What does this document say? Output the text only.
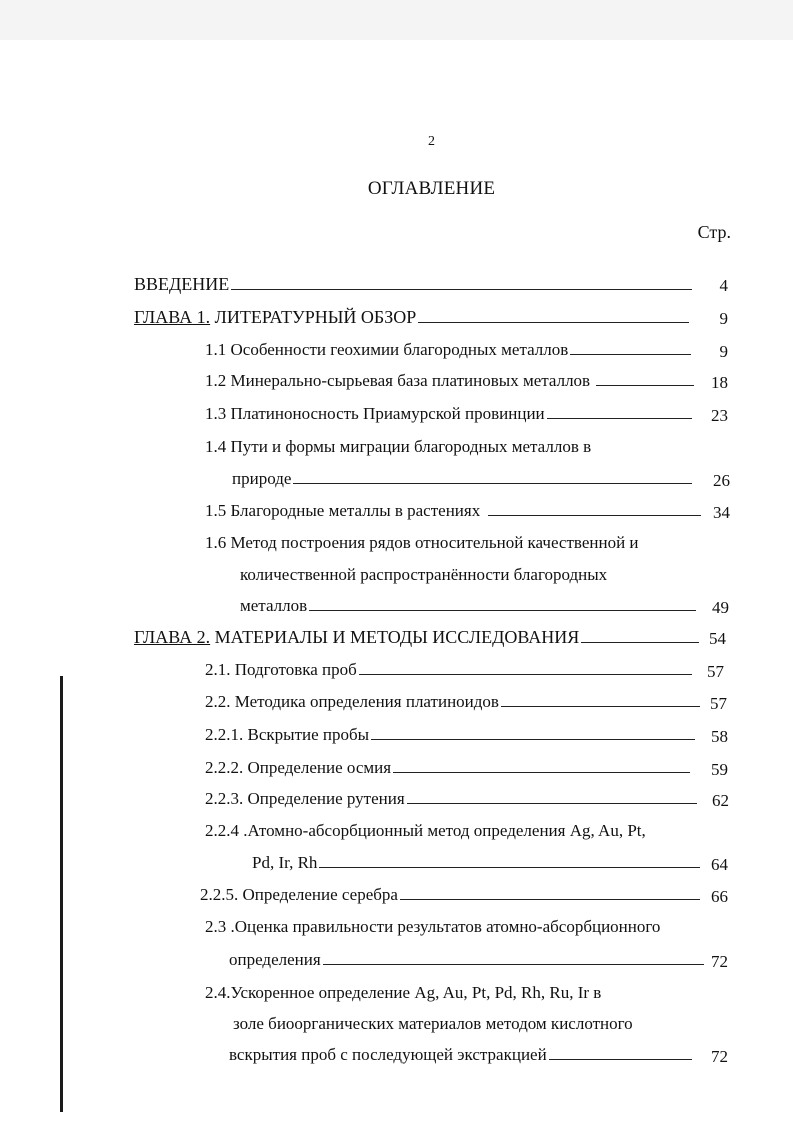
2
ОГЛАВЛЕНИЕ
Стр.
ВВЕДЕНИЕ	4
ГЛАВА 1. ЛИТЕРАТУРНЫЙ ОБЗОР	9
1.1 Особенности геохимии благородных металлов	9
1.2 Минерально-сырьевая база платиновых металлов	18
1.3 Платиноносность Приамурской провинции	23
1.4 Пути и формы миграции благородных металлов в
природе	26
1.5 Благородные металлы в растениях	34
1.6 Метод построения рядов относительной качественной и
количественной распространённости благородных
металлов	49
ГЛАВА 2. МАТЕРИАЛЫ И МЕТОДЫ ИССЛЕДОВАНИЯ	54
2.1. Подготовка проб	57
2.2. Методика определения платиноидов	57
2.2.1. Вскрытие пробы	58
2.2.2. Определение осмия	59
2.2.3. Определение рутения	62
2.2.4 .Атомно-абсорбционный метод определения Ag, Au, Pt,
Pd, Ir, Rh	64
2.2.5. Определение серебра	66
2.3 .Оценка правильности результатов атомно-абсорбционного
определения	72
2.4.Ускоренное определение Ag, Au, Pt, Pd, Rh, Ru, Ir в
золе биоорганических материалов методом кислотного
вскрытия проб с последующей экстракцией	72
